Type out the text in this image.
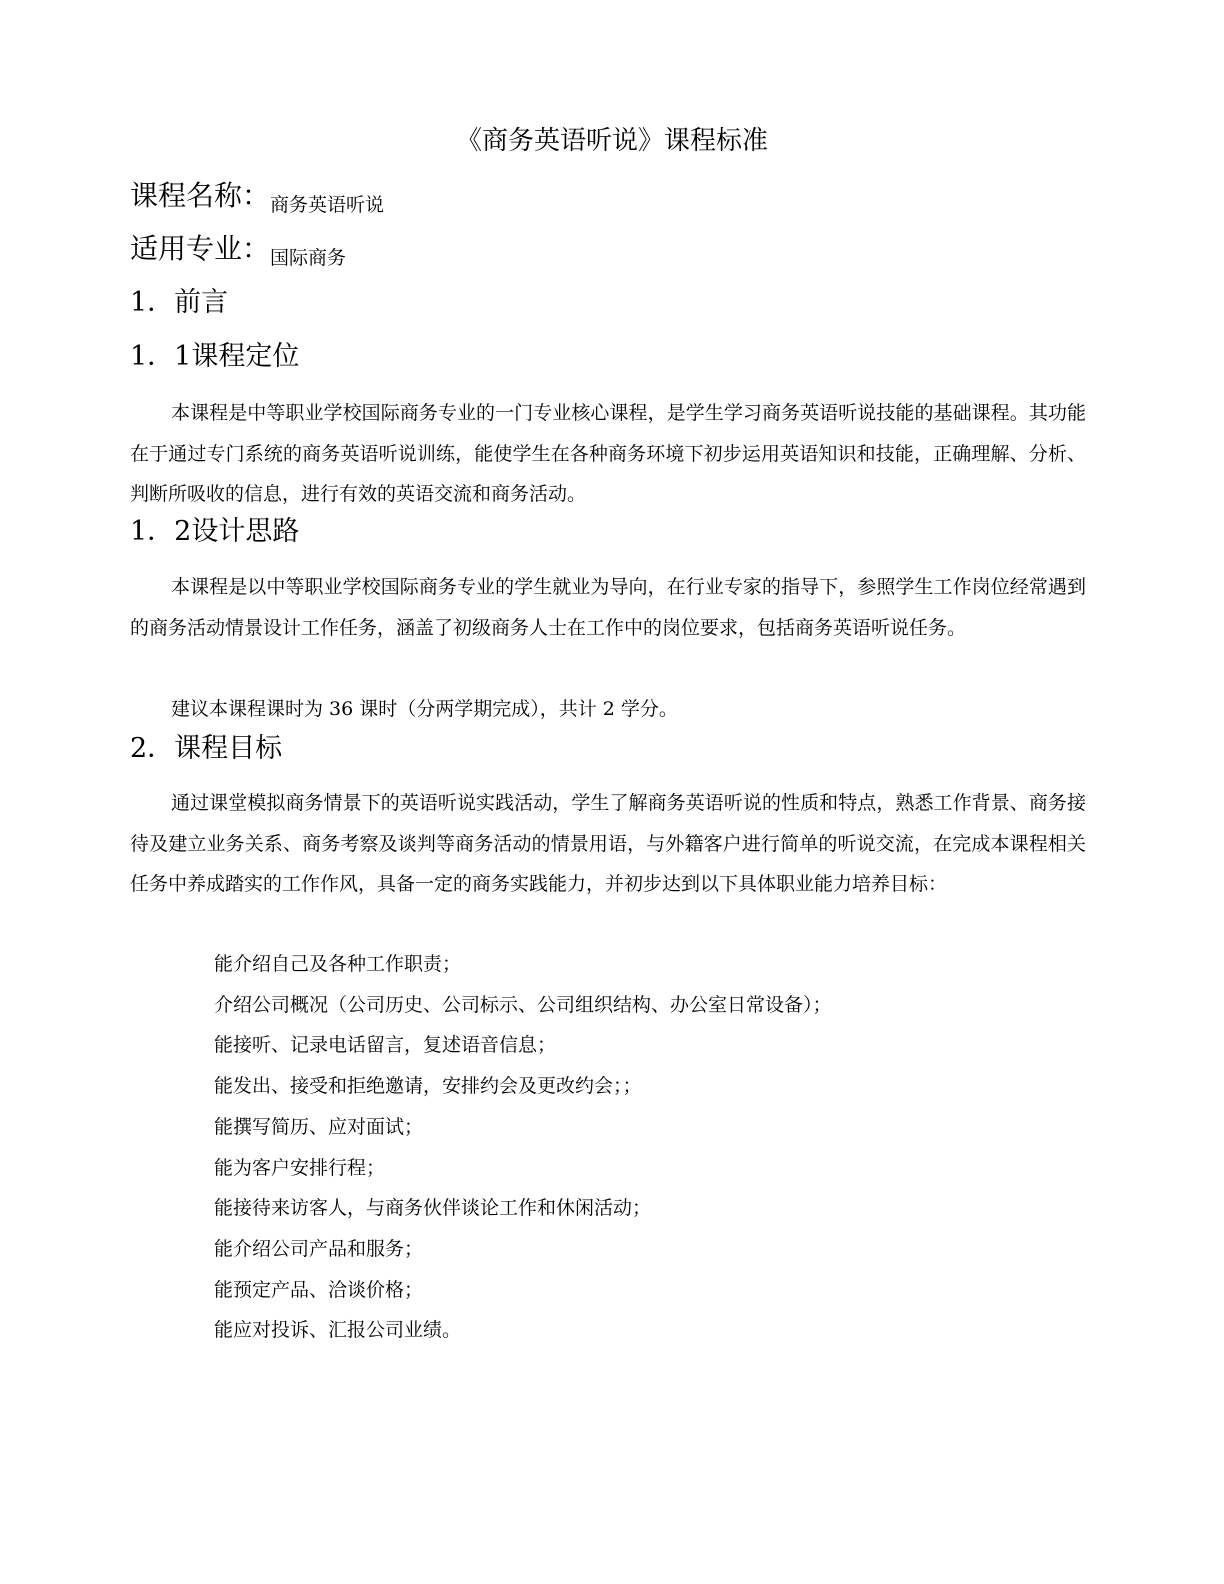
《商务英语听说》课程标准

课程名称：商务英语听说

适用专业：国际商务

1．前言
1．1课程定位

本课程是中等职业学校国际商务专业的一门专业核心课程，是学生学习商务英语听说技能的基础课程。其功能在于通过专门系统的商务英语听说训练，能使学生在各种商务环境下初步运用英语知识和技能，正确理解、分析、判断所吸收的信息，进行有效的英语交流和商务活动。

1．2设计思路

本课程是以中等职业学校国际商务专业的学生就业为导向，在行业专家的指导下，参照学生工作岗位经常遇到的商务活动情景设计工作任务，涵盖了初级商务人士在工作中的岗位要求，包括商务英语听说任务。

建议本课程课时为 36 课时（分两学期完成），共计 2 学分。

2．课程目标

通过课堂模拟商务情景下的英语听说实践活动，学生了解商务英语听说的性质和特点，熟悉工作背景、商务接待及建立业务关系、商务考察及谈判等商务活动的情景用语，与外籍客户进行简单的听说交流，在完成本课程相关任务中养成踏实的工作作风，具备一定的商务实践能力，并初步达到以下具体职业能力培养目标：

能介绍自己及各种工作职责；
介绍公司概况（公司历史、公司标示、公司组织结构、办公室日常设备）；
能接听、记录电话留言，复述语音信息；
能发出、接受和拒绝邀请，安排约会及更改约会；；
能撰写简历、应对面试；
能为客户安排行程；
能接待来访客人，与商务伙伴谈论工作和休闲活动；
能介绍公司产品和服务；
能预定产品、洽谈价格；
能应对投诉、汇报公司业绩。
